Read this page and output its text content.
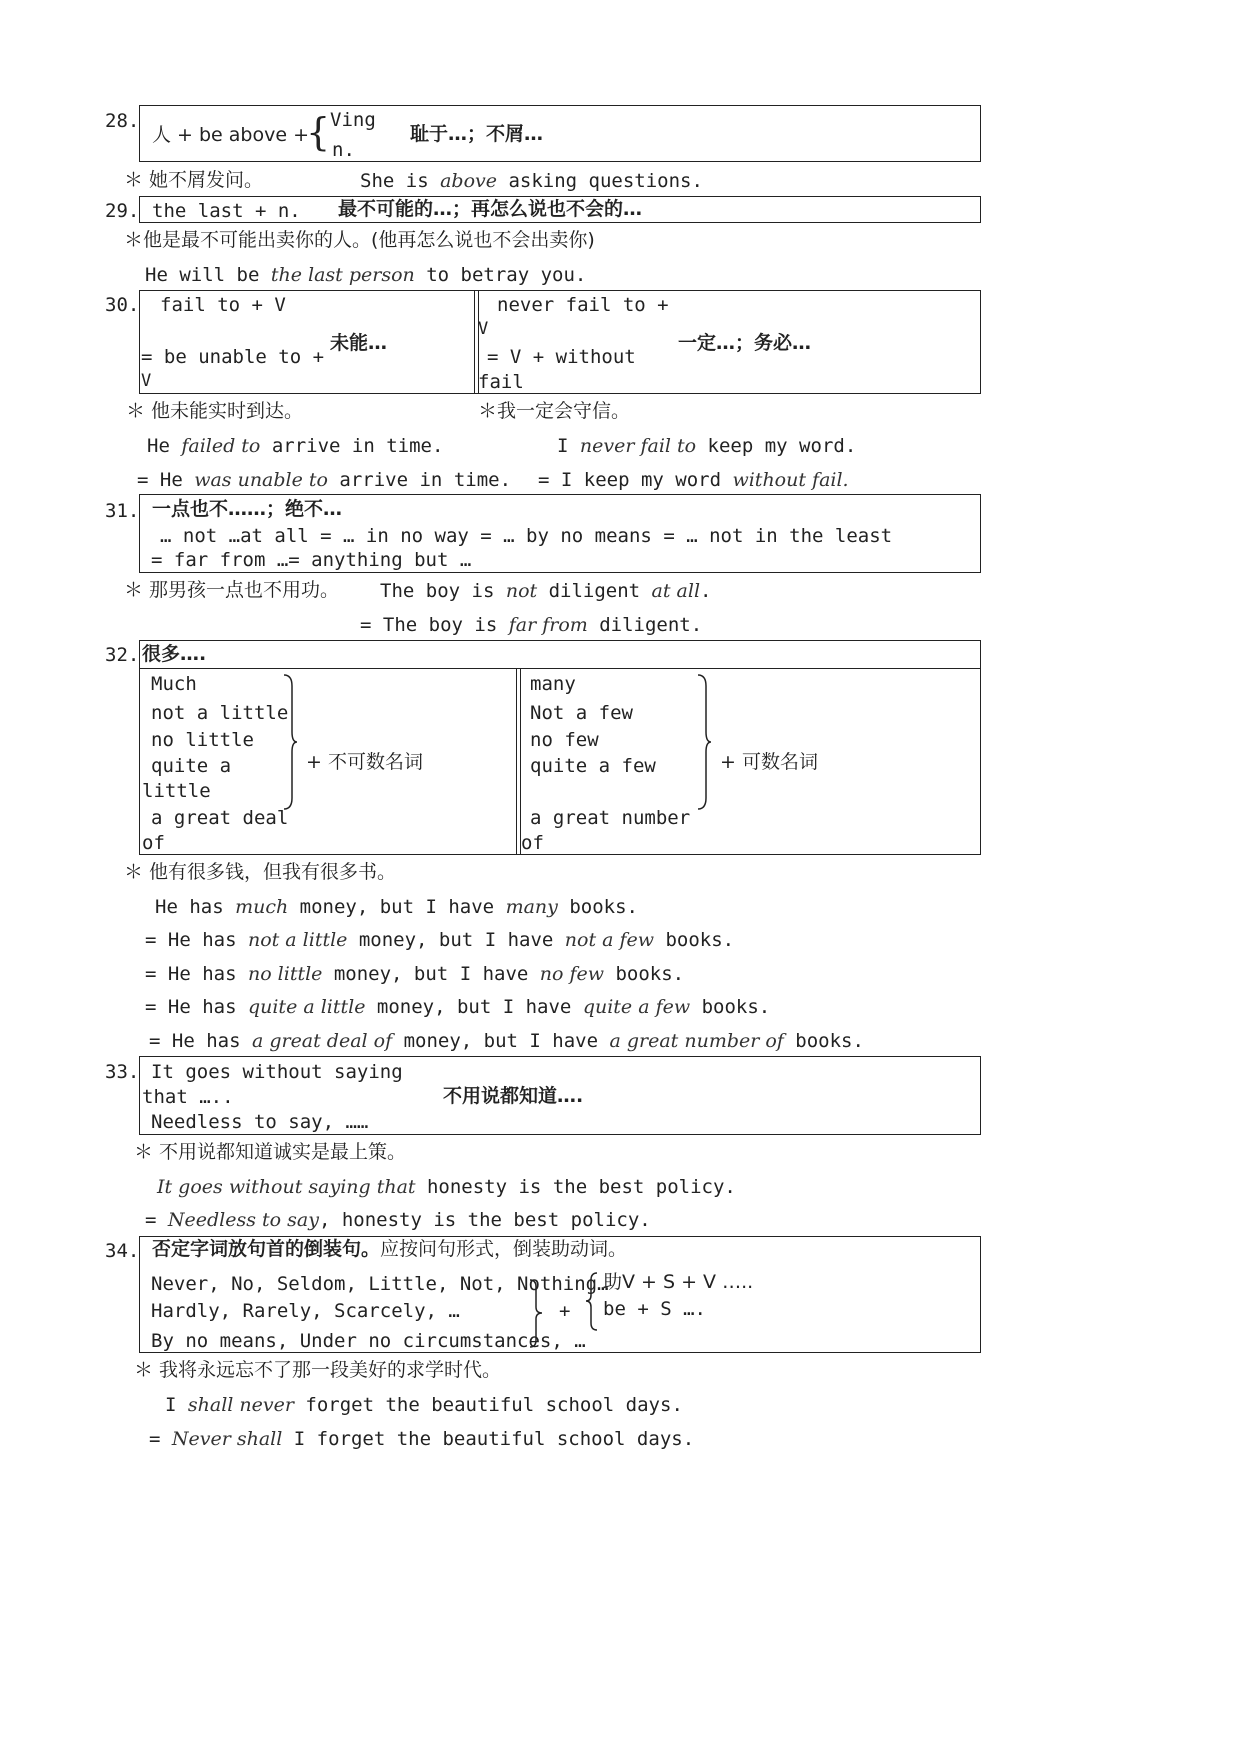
28.
人 + be above +
{ Ving
n.
耻于…；不屑…
＊ 她不屑发问。	She is above asking questions.
29. the last + n. 最不可能的…；再怎么说也不会的…
＊他是最不可能出卖你的人。(他再怎么说也不会出卖你)
He will be the last person to betray you.
30. fail to + V
= be unable to +
V
未能…
never fail to +
V
= V + without
fail
一定…；务必…
＊ 他未能实时到达。	＊我一定会守信。
He failed to arrive in time.	I never fail to keep my word.
= He was unable to arrive in time. = I keep my word without fail.
31. 一点也不……；绝不…
… not …at all = … in no way = … by no means = … not in the least
= far from …= anything but …
＊ 那男孩一点也不用功。 The boy is not diligent at all.
= The boy is far from diligent.
32. 很多….
Much
not a little
no little
quite a
little
a great deal
of
+ 不可数名词
many
Not a few
no few
quite a few
a great number
of
+ 可数名词
＊ 他有很多钱，但我有很多书。
He has much money, but I have many books.
= He has not a little money, but I have not a few books.
= He has no little money, but I have no few books.
= He has quite a little money, but I have quite a few books.
= He has a great deal of money, but I have a great number of books.
33. It goes without saying
that …..
Needless to say, ……
不用说都知道….
＊ 不用说都知道诚实是最上策。
It goes without saying that honesty is the best policy.
= Needless to say, honesty is the best policy.
34. 否定字词放句首的倒装句。应按问句形式，倒装助动词。
Never, No, Seldom, Little, Not, Nothing…
Hardly, Rarely, Scarcely, …
By no means, Under no circumstances, …
+
助V + S + V …..
be + S ….
＊ 我将永远忘不了那一段美好的求学时代。
I shall never forget the beautiful school days.
= Never shall I forget the beautiful school days.
